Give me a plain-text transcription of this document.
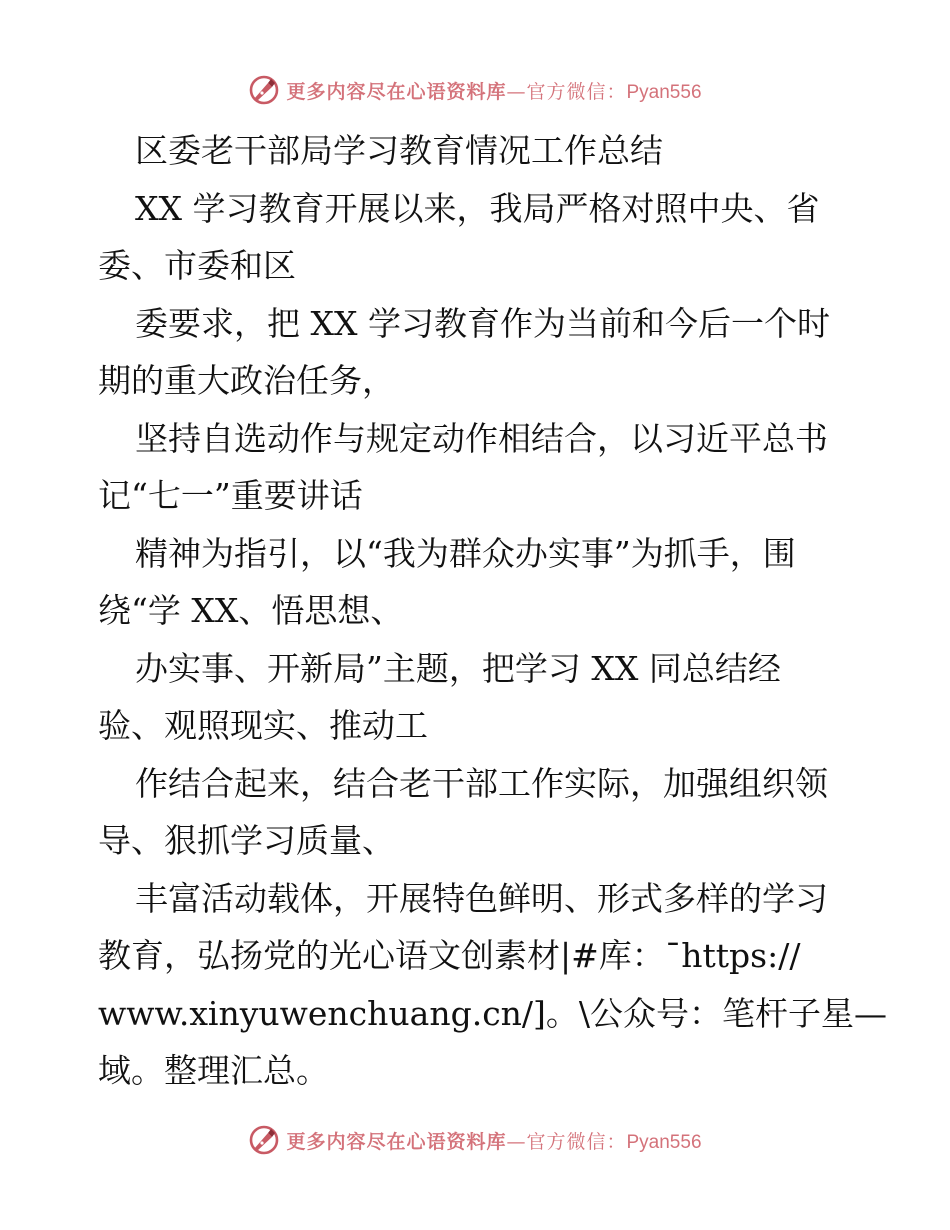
更多内容尽在心语资料库—官方微信：Pyan556

区委老干部局学习教育情况工作总结

XX 学习教育开展以来，我局严格对照中央、省

委、市委和区

委要求，把 XX 学习教育作为当前和今后一个时

期的重大政治任务，

坚持自选动作与规定动作相结合，以习近平总书

记“七一”重要讲话

精神为指引，以“我为群众办实事”为抓手，围

绕“学 XX、悟思想、

办实事、开新局”主题，把学习 XX 同总结经

验、观照现实、推动工

作结合起来，结合老干部工作实际，加强组织领

导、狠抓学习质量、

丰富活动载体，开展特色鲜明、形式多样的学习

教育，弘扬党的光心语文创素材|#库：¯https://

www.xinyuwenchuang.cn/]。\公众号：笔杆子星—

域。整理汇总。

更多内容尽在心语资料库—官方微信：Pyan556
